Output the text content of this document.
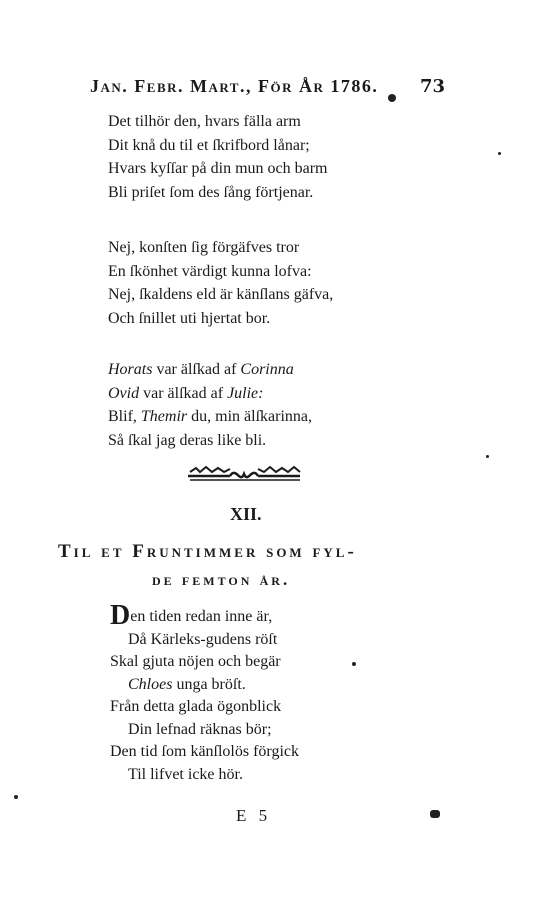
Jan. Febr. Mart., För År 1786. 73
Det tilhör den, hvars fälla arm
Dit knå du til et ſkrifbord lånar;
Hvars kyſſar på din mun och barm
Bli priſet ſom des ſång förtjenar.
Nej, konſten ſig förgäfves tror
En ſkönhet värdigt kunna lofva:
Nej, ſkaldens eld är känſlans gäfva,
Och ſnillet uti hjertat bor.
Horats var älſkad af Corinna
Ovid var älſkad af Julie:
Blif, Themir du, min älſkarinna,
Så ſkal jag deras like bli.
XII.
Til et Fruntimmer som fyl-
de femton år.
Den tiden redan inne är,
Då Kärleks-gudens röſt
Skal gjuta nöjen och begär
Chloes unga bröſt.
Från detta glada ögonblick
Din lefnad räknas bör;
Den tid ſom känſlolös förgick
Til lifvet icke hör.
E 5
